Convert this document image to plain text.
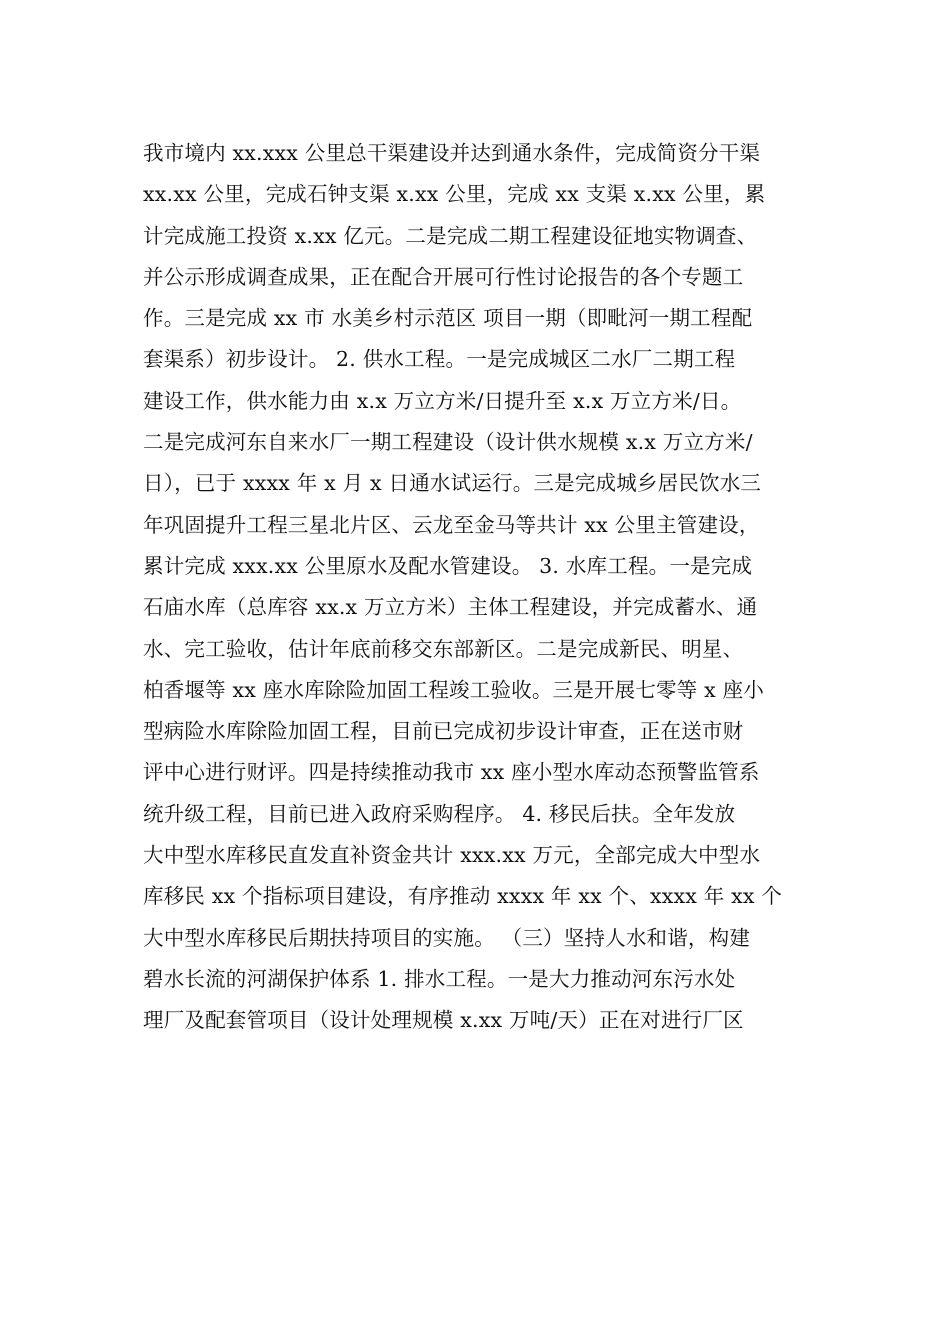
我市境内 xx.xxx 公里总干渠建设并达到通水条件，完成简资分干渠
xx.xx 公里，完成石钟支渠 x.xx 公里，完成 xx 支渠 x.xx 公里，累
计完成施工投资 x.xx 亿元。二是完成二期工程建设征地实物调查、
并公示形成调查成果，正在配合开展可行性讨论报告的各个专题工
作。三是完成 xx 市 水美乡村示范区 项目一期（即毗河一期工程配
套渠系）初步设计。 2. 供水工程。一是完成城区二水厂二期工程
建设工作，供水能力由 x.x 万立方米/日提升至 x.x 万立方米/日。
二是完成河东自来水厂一期工程建设（设计供水规模 x.x 万立方米/
日），已于 xxxx 年 x 月 x 日通水试运行。三是完成城乡居民饮水三
年巩固提升工程三星北片区、云龙至金马等共计 xx 公里主管建设，
累计完成 xxx.xx 公里原水及配水管建设。 3. 水库工程。一是完成
石庙水库（总库容 xx.x 万立方米）主体工程建设，并完成蓄水、通
水、完工验收，估计年底前移交东部新区。二是完成新民、明星、
柏香堰等 xx 座水库除险加固工程竣工验收。三是开展七零等 x 座小
型病险水库除险加固工程，目前已完成初步设计审查，正在送市财
评中心进行财评。四是持续推动我市 xx 座小型水库动态预警监管系
统升级工程，目前已进入政府采购程序。 4. 移民后扶。全年发放
大中型水库移民直发直补资金共计 xxx.xx 万元，全部完成大中型水
库移民 xx 个指标项目建设，有序推动 xxxx 年 xx 个、xxxx 年 xx 个
大中型水库移民后期扶持项目的实施。 （三）坚持人水和谐，构建
碧水长流的河湖保护体系 1. 排水工程。一是大力推动河东污水处
理厂及配套管项目（设计处理规模 x.xx 万吨/天）正在对进行厂区
